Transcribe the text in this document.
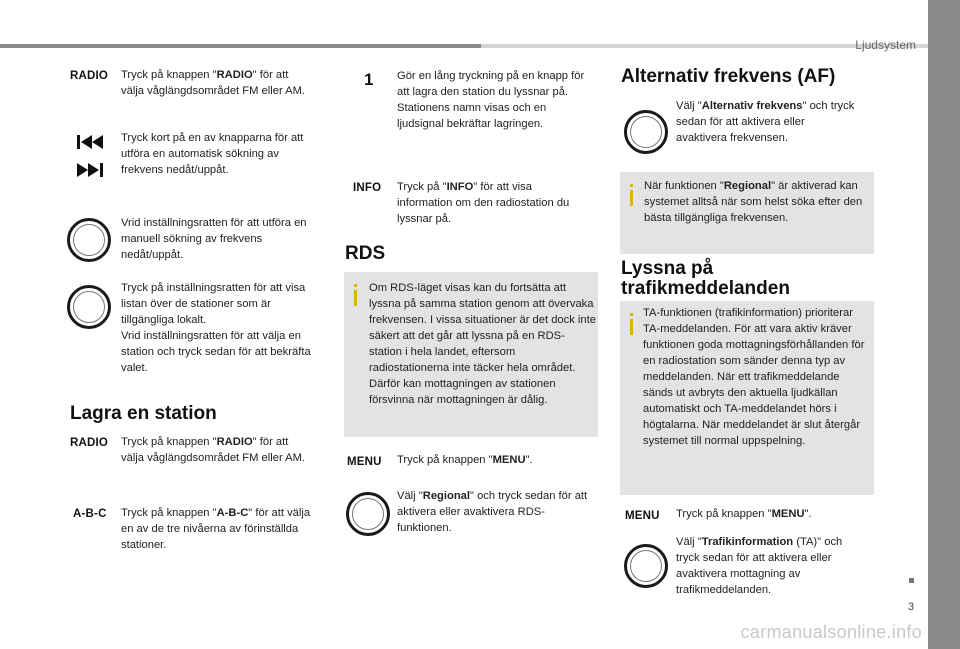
Ljudsystem
3
carmanualsonline.info
RADIO Tryck på knappen "RADIO" för att välja våglängdsområdet FM eller AM.
Tryck kort på en av knapparna för att utföra en automatisk sökning av frekvens nedåt/uppåt.
Vrid inställningsratten för att utföra en manuell sökning av frekvens nedåt/uppåt.
Tryck på inställningsratten för att visa listan över de stationer som är tillgängliga lokalt.
Vrid inställningsratten för att välja en station och tryck sedan för att bekräfta valet.
Lagra en station
RADIO Tryck på knappen "RADIO" för att välja våglängdsområdet FM eller AM.
A-B-C Tryck på knappen "A-B-C" för att välja en av de tre nivåerna av förinställda stationer.
1 Gör en lång tryckning på en knapp för att lagra den station du lyssnar på.
Stationens namn visas och en ljudsignal bekräftar lagringen.
INFO Tryck på "INFO" för att visa information om den radiostation du lyssnar på.
RDS
Om RDS-läget visas kan du fortsätta att lyssna på samma station genom att övervaka frekvensen. I vissa situationer är det dock inte säkert att det går att lyssna på en RDS-station i hela landet, eftersom radiostationerna inte täcker hela området. Därför kan mottagningen av stationen försvinna när mottagningen är dålig.
MENU Tryck på knappen "MENU".
Välj "Regional" och tryck sedan för att aktivera eller avaktivera RDS-funktionen.
Alternativ frekvens (AF)
Välj "Alternativ frekvens" och tryck sedan för att aktivera eller avaktivera frekvensen.
När funktionen "Regional" är aktiverad kan systemet alltså när som helst söka efter den bästa tillgängliga frekvensen.
Lyssna på
trafikmeddelanden
TA-funktionen (trafikinformation) prioriterar TA-meddelanden. För att vara aktiv kräver funktionen goda mottagningsförhållanden för en radiostation som sänder denna typ av meddelanden. När ett trafikmeddelande sänds ut avbryts den aktuella ljudkällan automatiskt och TA-meddelandet hörs i högtalarna. När meddelandet är slut återgår systemet till normal uppspelning.
MENU Tryck på knappen "MENU".
Välj "Trafikinformation (TA)" och tryck sedan för att aktivera eller avaktivera mottagning av trafikmeddelanden.
